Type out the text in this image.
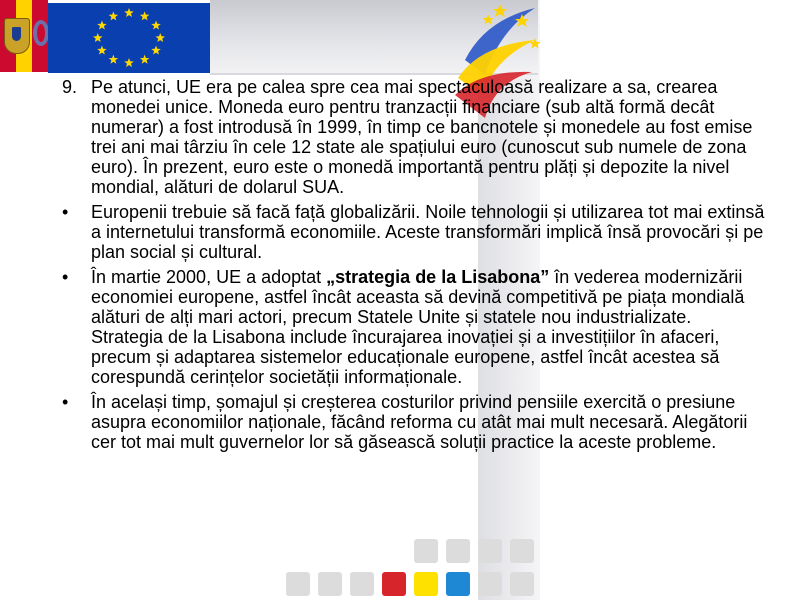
9. Pe atunci, UE era pe calea spre cea mai spectaculoasă realizare a sa, crearea monedei unice. Moneda euro pentru tranzacții financiare (sub altă formă decât numerar) a fost introdusă în 1999, în timp ce bancnotele și monedele au fost emise trei ani mai târziu în cele 12 state ale spațiului euro (cunoscut sub numele de zona euro). În prezent, euro este o monedă importantă pentru plăți și depozite la nivel mondial, alături de dolarul SUA.
• Europenii trebuie să facă față globalizării. Noile tehnologii și utilizarea tot mai extinsă a internetului transformă economiile. Aceste transformări implică însă provocări și pe plan social și cultural.
• În martie 2000, UE a adoptat „strategia de la Lisabona” în vederea modernizării economiei europene, astfel încât aceasta să devină competitivă pe piața mondială alături de alți mari actori, precum Statele Unite și statele nou industrializate. Strategia de la Lisabona include încurajarea inovației și a investițiilor în afaceri, precum și adaptarea sistemelor educaționale europene, astfel încât acestea să corespundă cerințelor societății informaționale.
• În același timp, șomajul și creșterea costurilor privind pensiile exercită o presiune asupra economiilor naționale, făcând reforma cu atât mai mult necesară. Alegătorii cer tot mai mult guvernelor lor să găsească soluții practice la aceste probleme.
